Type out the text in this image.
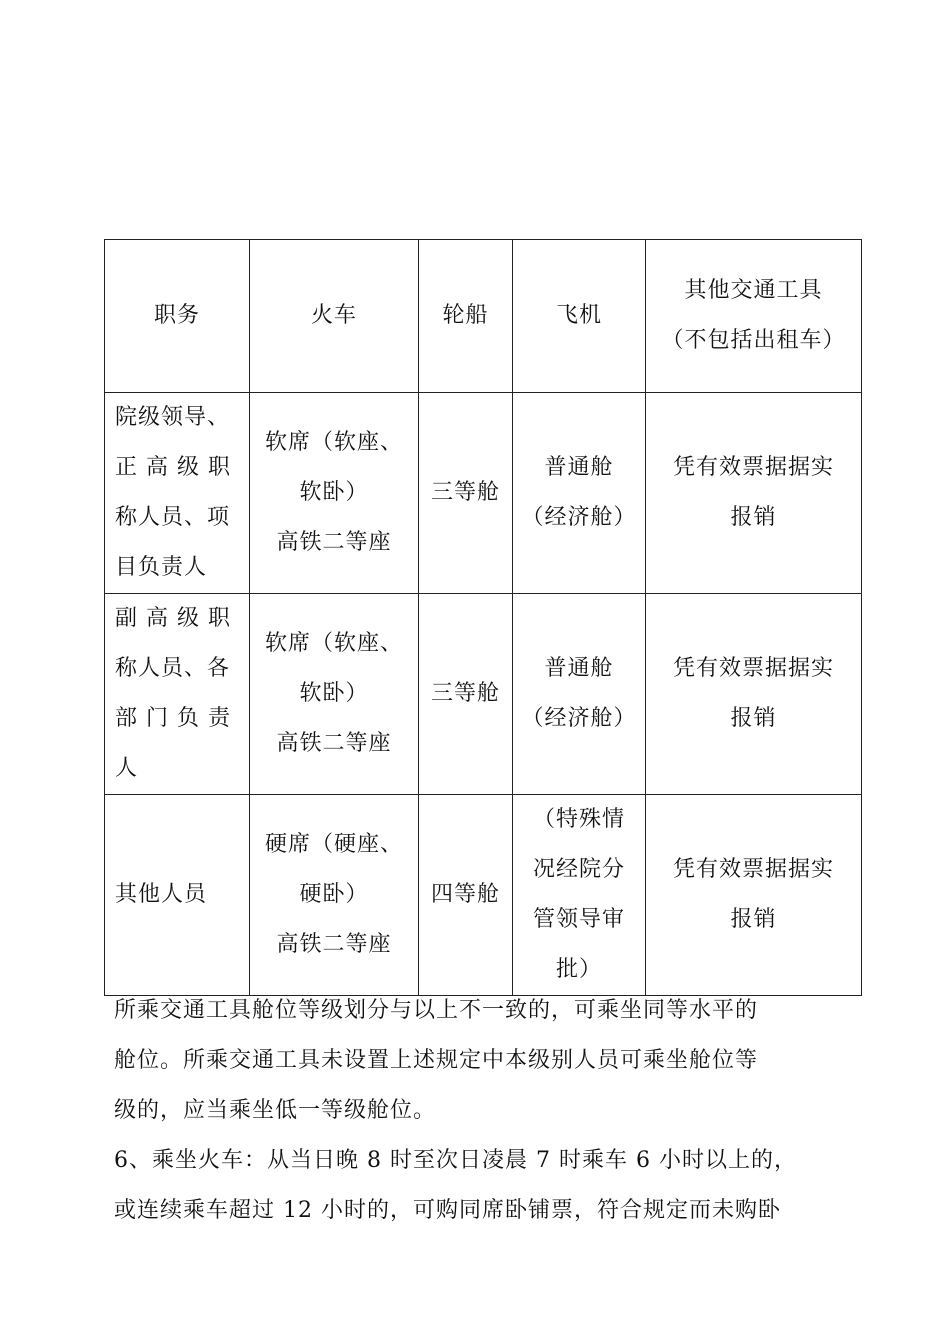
职务	火车	轮船	飞机	其他交通工具
（不包括出租车）

院级领导、
正 高 级 职
称人员、项
目负责人	软席（软座、
软卧）
高铁二等座	三等舱	普通舱
（经济舱）	凭有效票据据实
报销

副 高 级 职
称人员、各
部 门 负 责
人	软席（软座、
软卧）
高铁二等座	三等舱	普通舱
（经济舱）	凭有效票据据实
报销

其他人员	硬席（硬座、
硬卧）
高铁二等座	四等舱	（特殊情
况经院分
管领导审
批）	凭有效票据据实
报销
所乘交通工具舱位等级划分与以上不一致的，可乘坐同等水平的
舱位。所乘交通工具未设置上述规定中本级别人员可乘坐舱位等
级的，应当乘坐低一等级舱位。
6、乘坐火车：从当日晚 8 时至次日凌晨 7 时乘车 6 小时以上的，
或连续乘车超过 12 小时的，可购同席卧铺票，符合规定而未购卧
